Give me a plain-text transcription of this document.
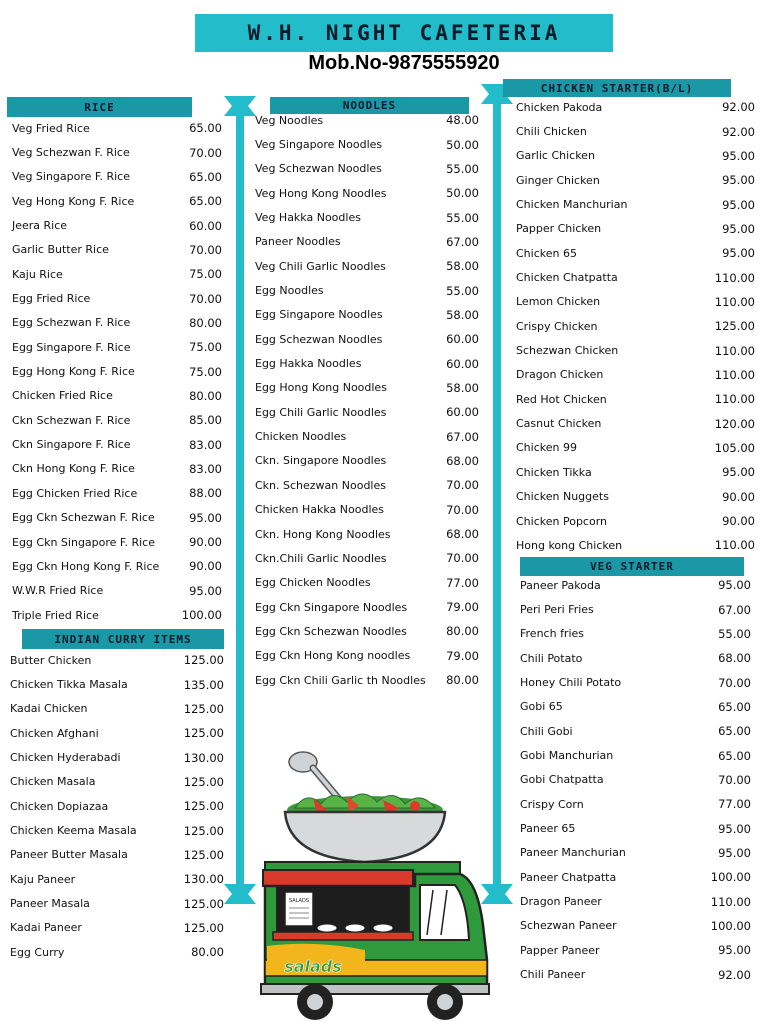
W.H. NIGHT CAFETERIA
Mob.No-9875555920
RICE
Veg Fried Rice	65.00
Veg Schezwan F. Rice	70.00
Veg Singapore F. Rice	65.00
Veg Hong Kong F. Rice	65.00
Jeera Rice	60.00
Garlic Butter Rice	70.00
Kaju Rice	75.00
Egg Fried Rice	70.00
Egg Schezwan F. Rice	80.00
Egg Singapore F. Rice	75.00
Egg Hong Kong F. Rice	75.00
Chicken Fried Rice	80.00
Ckn Schezwan F. Rice	85.00
Ckn Singapore F. Rice	83.00
Ckn Hong Kong F. Rice	83.00
Egg Chicken Fried Rice	88.00
Egg Ckn Schezwan F. Rice	95.00
Egg Ckn Singapore F. Rice	90.00
Egg Ckn Hong Kong F. Rice	90.00
W.W.R Fried Rice	95.00
Triple Fried Rice	100.00
INDIAN CURRY ITEMS
Butter Chicken	125.00
Chicken Tikka Masala	135.00
Kadai Chicken	125.00
Chicken Afghani	125.00
Chicken Hyderabadi	130.00
Chicken Masala	125.00
Chicken Dopiazaa	125.00
Chicken Keema Masala	125.00
Paneer Butter Masala	125.00
Kaju Paneer	130.00
Paneer Masala	125.00
Kadai Paneer	125.00
Egg Curry	80.00
NOODLES
Veg Noodles	48.00
Veg Singapore Noodles	50.00
Veg Schezwan Noodles	55.00
Veg Hong Kong Noodles	50.00
Veg Hakka Noodles	55.00
Paneer Noodles	67.00
Veg Chili Garlic Noodles	58.00
Egg Noodles	55.00
Egg Singapore Noodles	58.00
Egg Schezwan Noodles	60.00
Egg Hakka Noodles	60.00
Egg Hong Kong Noodles	58.00
Egg Chili Garlic Noodles	60.00
Chicken Noodles	67.00
Ckn. Singapore Noodles	68.00
Ckn. Schezwan Noodles	70.00
Chicken Hakka Noodles	70.00
Ckn. Hong Kong Noodles	68.00
Ckn.Chili Garlic Noodles	70.00
Egg Chicken Noodles	77.00
Egg Ckn Singapore Noodles	79.00
Egg Ckn Schezwan Noodles	80.00
Egg Ckn Hong Kong noodles	79.00
Egg Ckn Chili Garlic th Noodles 80.00
CHICKEN STARTER(B/L)
Chicken Pakoda	92.00
Chili Chicken	92.00
Garlic Chicken	95.00
Ginger Chicken	95.00
Chicken Manchurian	95.00
Papper Chicken	95.00
Chicken 65	95.00
Chicken Chatpatta	110.00
Lemon Chicken	110.00
Crispy Chicken	125.00
Schezwan Chicken	110.00
Dragon Chicken	110.00
Red Hot Chicken	110.00
Casnut Chicken	120.00
Chicken 99	105.00
Chicken Tikka	95.00
Chicken Nuggets	90.00
Chicken Popcorn	90.00
Hong kong Chicken	110.00
VEG STARTER
Paneer Pakoda	95.00
Peri Peri Fries	67.00
French fries	55.00
Chili Potato	68.00
Honey Chili Potato	70.00
Gobi 65	65.00
Chili Gobi	65.00
Gobi Manchurian	65.00
Gobi Chatpatta	70.00
Crispy Corn	77.00
Paneer 65	95.00
Paneer Manchurian	95.00
Paneer Chatpatta	100.00
Dragon Paneer	110.00
Schezwan Paneer	100.00
Papper Paneer	95.00
Chili Paneer	92.00
SALADS
salads
